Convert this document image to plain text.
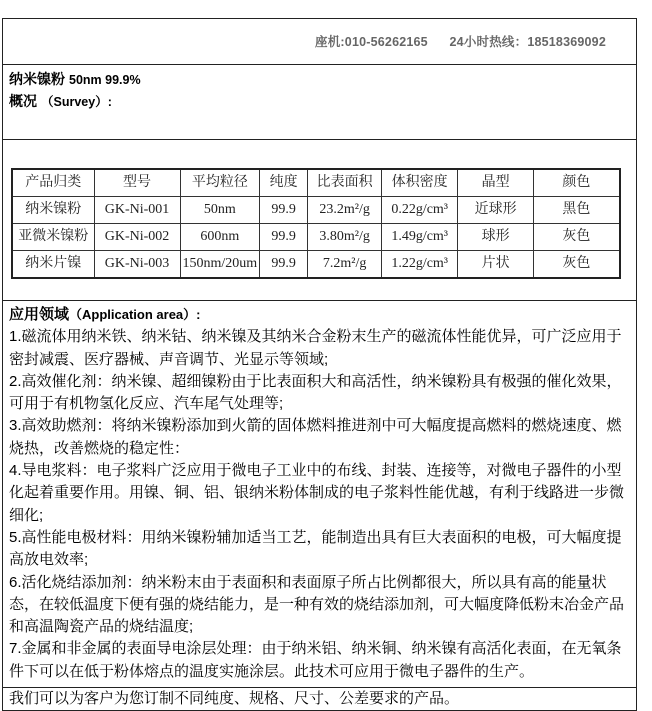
座机:010-56262165 24小时热线：18518369092
纳米镍粉 50nm 99.9%
概况 （Survey）:
产品归类	型号	平均粒径	纯度	比表面积	体积密度	晶型	颜色
纳米镍粉	GK-Ni-001	50nm	99.9	23.2m²/g	0.22g/cm³	近球形	黑色
亚微米镍粉	GK-Ni-002	600nm	99.9	3.80m²/g	1.49g/cm³	球形	灰色
纳米片镍	GK-Ni-003	150nm/20um	99.9	7.2m²/g	1.22g/cm³	片状	灰色
应用领域（Application area）:
1.磁流体用纳米铁、纳米钴、纳米镍及其纳米合金粉末生产的磁流体性能优异，可广泛应用于密封减震、医疗器械、声音调节、光显示等领域;
2.高效催化剂：纳米镍、超细镍粉由于比表面积大和高活性，纳米镍粉具有极强的催化效果，可用于有机物氢化反应、汽车尾气处理等;
3.高效助燃剂：将纳米镍粉添加到火箭的固体燃料推进剂中可大幅度提高燃料的燃烧速度、燃烧热，改善燃烧的稳定性：
4.导电浆料：电子浆料广泛应用于微电子工业中的布线、封装、连接等，对微电子器件的小型化起着重要作用。用镍、铜、铝、银纳米粉体制成的电子浆料性能优越，有利于线路进一步微细化;
5.高性能电极材料：用纳米镍粉辅加适当工艺，能制造出具有巨大表面积的电极，可大幅度提高放电效率;
6.活化烧结添加剂：纳米粉末由于表面积和表面原子所占比例都很大，所以具有高的能量状态，在较低温度下便有强的烧结能力，是一种有效的烧结添加剂，可大幅度降低粉末冶金产品和高温陶瓷产品的烧结温度;
7.金属和非金属的表面导电涂层处理：由于纳米铝、纳米铜、纳米镍有高活化表面，在无氧条件下可以在低于粉体熔点的温度实施涂层。此技术可应用于微电子器件的生产。
我们可以为客户为您订制不同纯度、规格、尺寸、公差要求的产品。
